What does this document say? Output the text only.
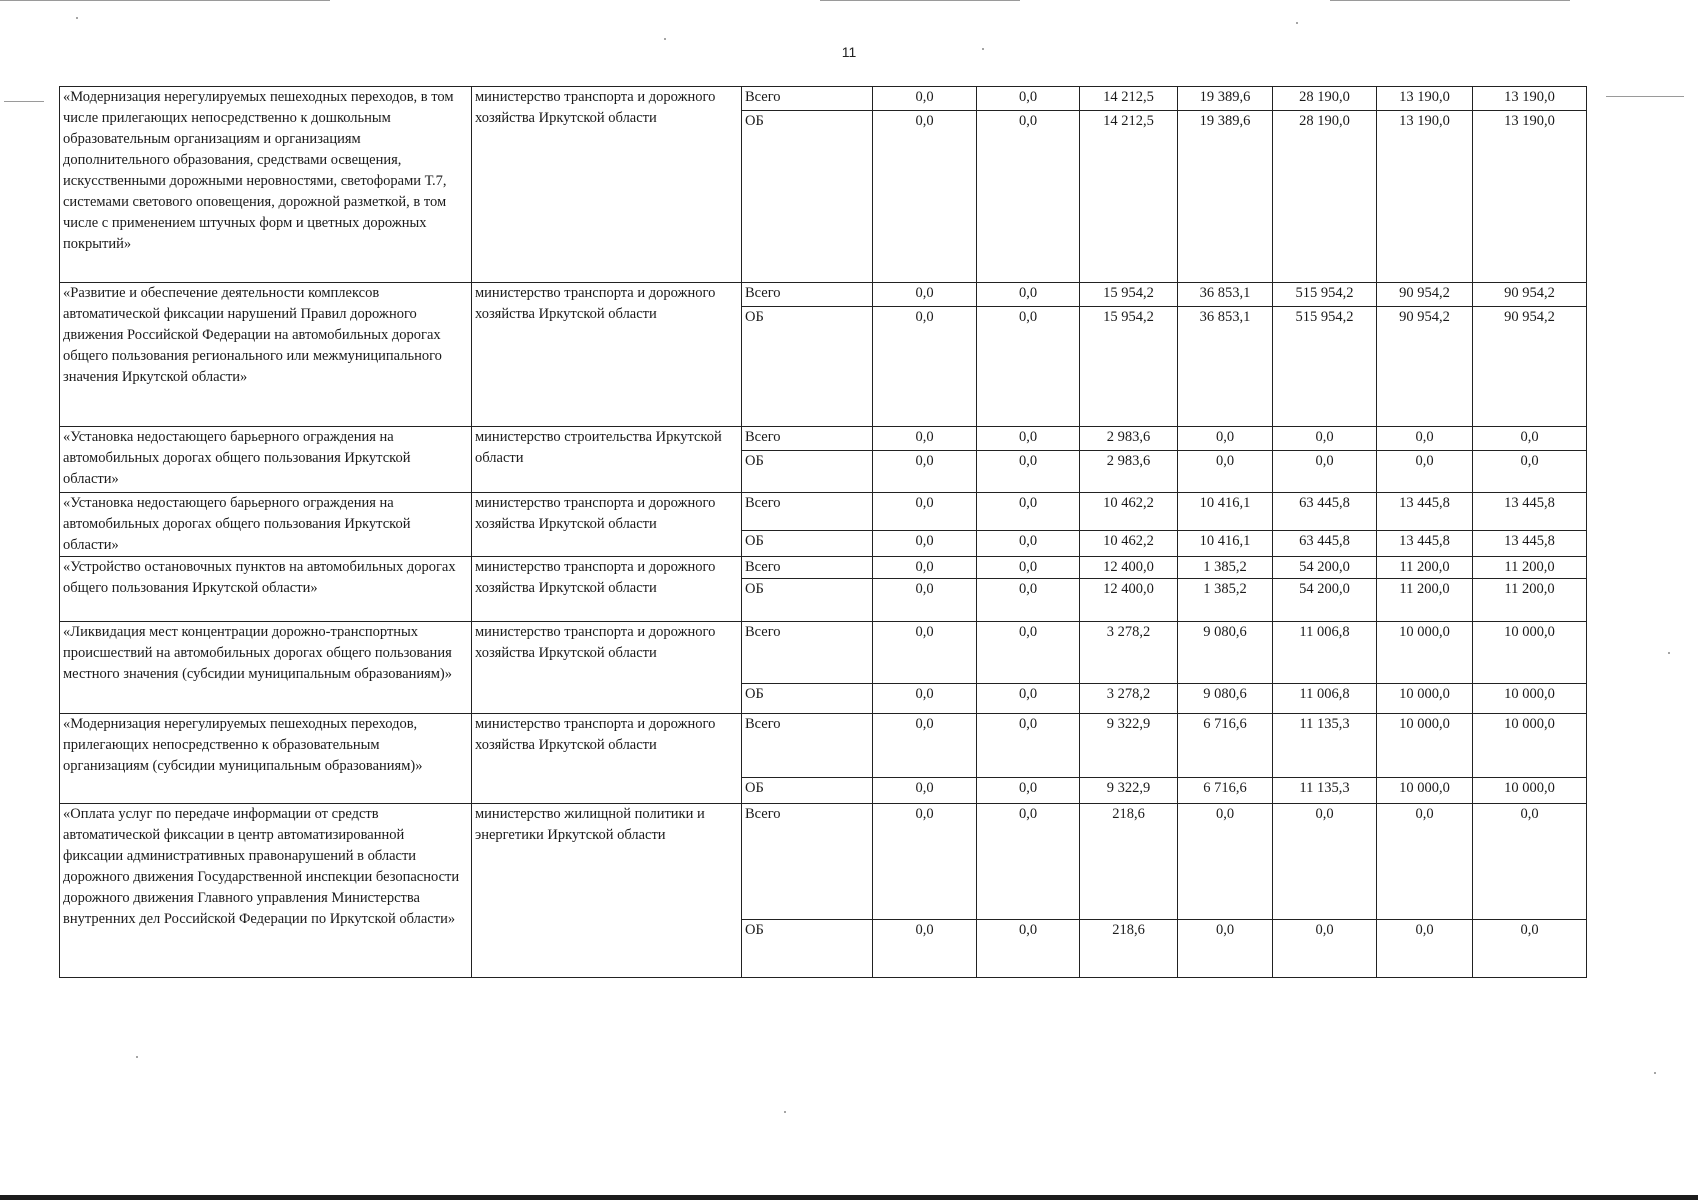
11
«Модернизация нерегулируемых пешеходных переходов, в том числе прилегающих непосредственно к дошкольным образовательным организациям и организациям дополнительного образования, средствами освещения, искусственными дорожными неровностями, светофорами Т.7, системами светового оповещения, дорожной разметкой, в том числе с применением штучных форм и цветных дорожных покрытий»	министерство транспорта и дорожного хозяйства Иркутской области	Всего	0,0	0,0	14 212,5	19 389,6	28 190,0	13 190,0	13 190,0
		ОБ	0,0	0,0	14 212,5	19 389,6	28 190,0	13 190,0	13 190,0
«Развитие и обеспечение деятельности комплексов автоматической фиксации нарушений Правил дорожного движения Российской Федерации на автомобильных дорогах общего пользования регионального или межмуниципального значения Иркутской области»	министерство транспорта и дорожного хозяйства Иркутской области	Всего	0,0	0,0	15 954,2	36 853,1	515 954,2	90 954,2	90 954,2
		ОБ	0,0	0,0	15 954,2	36 853,1	515 954,2	90 954,2	90 954,2
«Установка недостающего барьерного ограждения на автомобильных дорогах общего пользования Иркутской области»	министерство строительства Иркутской области	Всего	0,0	0,0	2 983,6	0,0	0,0	0,0	0,0
		ОБ	0,0	0,0	2 983,6	0,0	0,0	0,0	0,0
«Установка недостающего барьерного ограждения на автомобильных дорогах общего пользования Иркутской области»	министерство транспорта и дорожного хозяйства Иркутской области	Всего	0,0	0,0	10 462,2	10 416,1	63 445,8	13 445,8	13 445,8
		ОБ	0,0	0,0	10 462,2	10 416,1	63 445,8	13 445,8	13 445,8
«Устройство остановочных пунктов на автомобильных дорогах общего пользования Иркутской области»	министерство транспорта и дорожного хозяйства Иркутской области	Всего	0,0	0,0	12 400,0	1 385,2	54 200,0	11 200,0	11 200,0
		ОБ	0,0	0,0	12 400,0	1 385,2	54 200,0	11 200,0	11 200,0
«Ликвидация мест концентрации дорожно-транспортных происшествий на автомобильных дорогах общего пользования местного значения (субсидии муниципальным образованиям)»	министерство транспорта и дорожного хозяйства Иркутской области	Всего	0,0	0,0	3 278,2	9 080,6	11 006,8	10 000,0	10 000,0
		ОБ	0,0	0,0	3 278,2	9 080,6	11 006,8	10 000,0	10 000,0
«Модернизация нерегулируемых пешеходных переходов, прилегающих непосредственно к образовательным организациям (субсидии муниципальным образованиям)»	министерство транспорта и дорожного хозяйства Иркутской области	Всего	0,0	0,0	9 322,9	6 716,6	11 135,3	10 000,0	10 000,0
		ОБ	0,0	0,0	9 322,9	6 716,6	11 135,3	10 000,0	10 000,0
«Оплата услуг по передаче информации от средств автоматической фиксации в центр автоматизированной фиксации административных правонарушений в области дорожного движения Государственной инспекции безопасности дорожного движения Главного управления Министерства внутренних дел Российской Федерации по Иркутской области»	министерство жилищной политики и энергетики Иркутской области	Всего	0,0	0,0	218,6	0,0	0,0	0,0	0,0
		ОБ	0,0	0,0	218,6	0,0	0,0	0,0	0,0
